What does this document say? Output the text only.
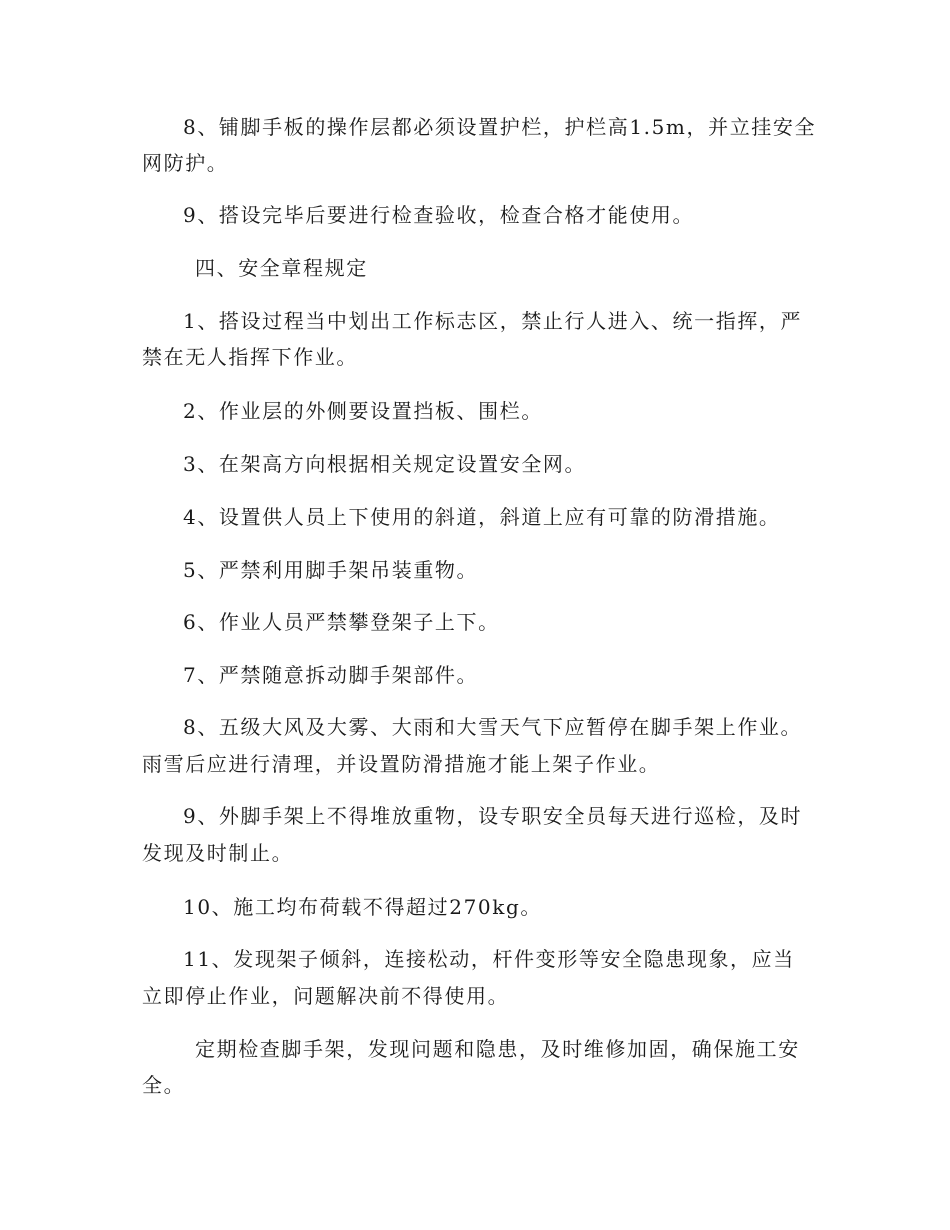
8、铺脚手板的操作层都必须设置护栏，护栏高1.5m，并立挂安全
网防护。
9、搭设完毕后要进行检查验收，检查合格才能使用。
四、安全章程规定
1、搭设过程当中划出工作标志区，禁止行人进入、统一指挥，严
禁在无人指挥下作业。
2、作业层的外侧要设置挡板、围栏。
3、在架高方向根据相关规定设置安全网。
4、设置供人员上下使用的斜道，斜道上应有可靠的防滑措施。
5、严禁利用脚手架吊装重物。
6、作业人员严禁攀登架子上下。
7、严禁随意拆动脚手架部件。
8、五级大风及大雾、大雨和大雪天气下应暂停在脚手架上作业。
雨雪后应进行清理，并设置防滑措施才能上架子作业。
9、外脚手架上不得堆放重物，设专职安全员每天进行巡检，及时
发现及时制止。
10、施工均布荷载不得超过270kg。
11、发现架子倾斜，连接松动，杆件变形等安全隐患现象，应当
立即停止作业，问题解决前不得使用。
定期检查脚手架，发现问题和隐患，及时维修加固，确保施工安
全。
